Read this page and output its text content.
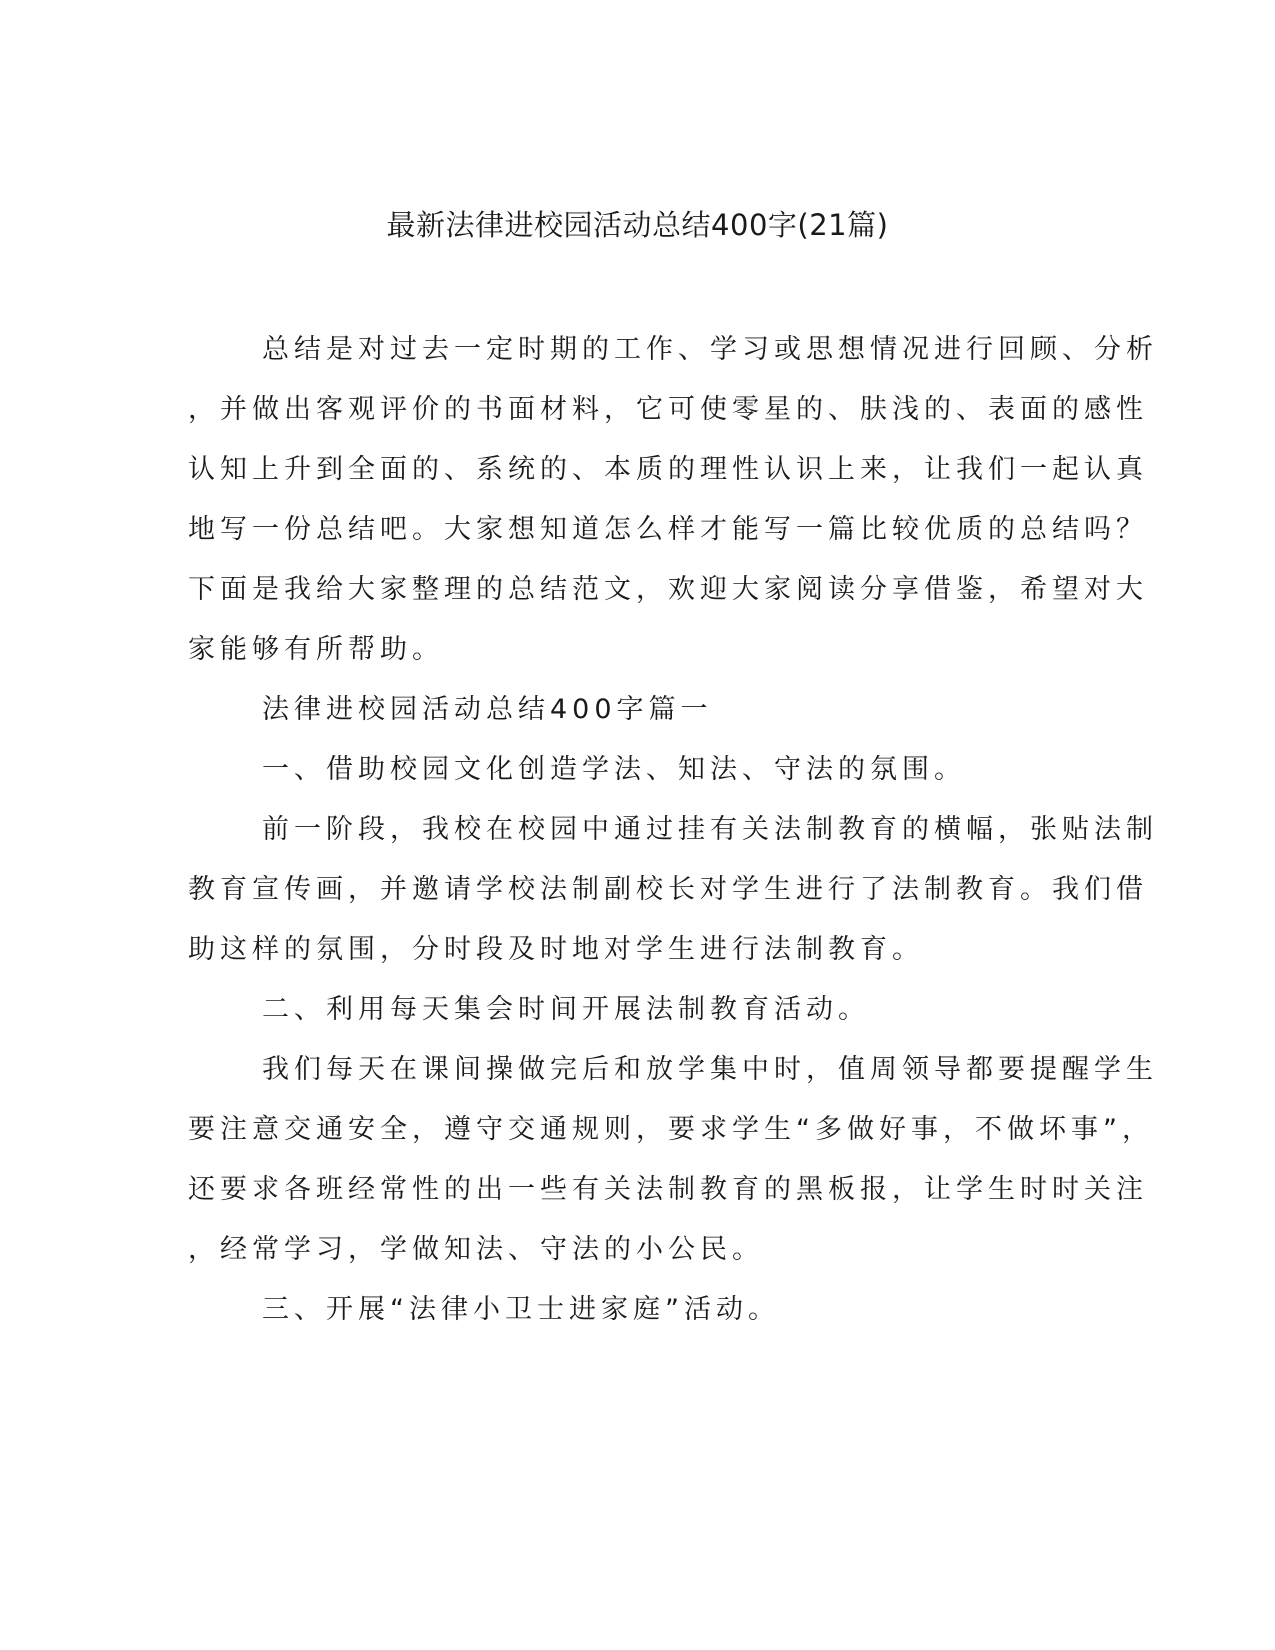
最新法律进校园活动总结400字(21篇)
总结是对过去一定时期的工作、学习或思想情况进行回顾、分析
，并做出客观评价的书面材料，它可使零星的、肤浅的、表面的感性
认知上升到全面的、系统的、本质的理性认识上来，让我们一起认真
地写一份总结吧。大家想知道怎么样才能写一篇比较优质的总结吗？
下面是我给大家整理的总结范文，欢迎大家阅读分享借鉴，希望对大
家能够有所帮助。
法律进校园活动总结400字篇一
一、借助校园文化创造学法、知法、守法的氛围。
前一阶段，我校在校园中通过挂有关法制教育的横幅，张贴法制
教育宣传画，并邀请学校法制副校长对学生进行了法制教育。我们借
助这样的氛围，分时段及时地对学生进行法制教育。
二、利用每天集会时间开展法制教育活动。
我们每天在课间操做完后和放学集中时，值周领导都要提醒学生
要注意交通安全，遵守交通规则，要求学生“多做好事，不做坏事”，
还要求各班经常性的出一些有关法制教育的黑板报，让学生时时关注
，经常学习，学做知法、守法的小公民。
三、开展“法律小卫士进家庭”活动。
